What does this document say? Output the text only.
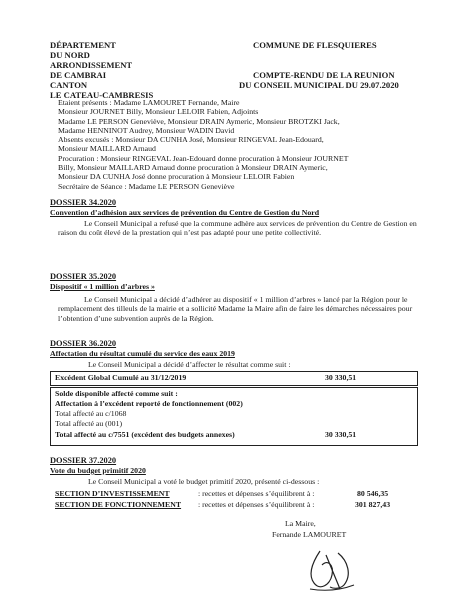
DÉPARTEMENT
DU NORD
ARRONDISSEMENT
DE CAMBRAI
CANTON
LE CATEAU-CAMBRESIS
COMMUNE DE FLESQUIERES
COMPTE-RENDU DE LA REUNION
DU CONSEIL MUNICIPAL DU 29.07.2020
Etaient présents : Madame LAMOURET Fernande, Maire
Monsieur JOURNET Billy, Monsieur LELOIR Fabien, Adjoints
Madame LE PERSON Geneviève, Monsieur DRAIN Aymeric, Monsieur BROTZKI Jack,
Madame HENNINOT Audrey, Monsieur WADIN David
Absents excusés : Monsieur DA CUNHA José, Monsieur RINGEVAL Jean-Edouard,
Monsieur MAILLARD Arnaud
Procuration : Monsieur RINGEVAL Jean-Edouard donne procuration à Monsieur JOURNET
Billy, Monsieur MAILLARD Arnaud donne procuration à Monsieur DRAIN Aymeric,
Monsieur DA CUNHA José donne procuration à Monsieur LELOIR Fabien
Secrétaire de Séance : Madame LE PERSON Geneviève
DOSSIER 34.2020
Convention d’adhésion aux services de prévention du Centre de Gestion du Nord
Le Conseil Municipal a refusé que la commune adhère aux services de prévention du Centre de Gestion en raison du coût élevé de la prestation qui n’est pas adapté pour une petite collectivité.
DOSSIER 35.2020
Dispositif « 1 million d’arbres »
Le Conseil Municipal a décidé d’adhérer au dispositif « 1 million d’arbres » lancé par la Région pour le remplacement des tilleuls de la mairie et a sollicité Madame la Maire afin de faire les démarches nécessaires pour l’obtention d’une subvention auprès de la Région.
DOSSIER 36.2020
Affectation du résultat cumulé du service des eaux 2019
Le Conseil Municipal a décidé d’affecter le résultat comme suit :
Excédent Global Cumulé au 31/12/2019	30 330,51
Solde disponible affecté comme suit :
Affectation à l’excédent reporté de fonctionnement (002)
Total affecté au c/1068
Total affecté au (001)
Total affecté au c/7551 (excédent des budgets annexes)	30 330,51
DOSSIER 37.2020
Vote du budget primitif 2020
Le Conseil Municipal a voté le budget primitif 2020, présenté ci-dessous :
SECTION D’INVESTISSEMENT	: recettes et dépenses s’équilibrent à :	80 546,35
SECTION DE FONCTIONNEMENT : recettes et dépenses s’équilibrent à :	301 827,43
La Maire,
Fernande LAMOURET
